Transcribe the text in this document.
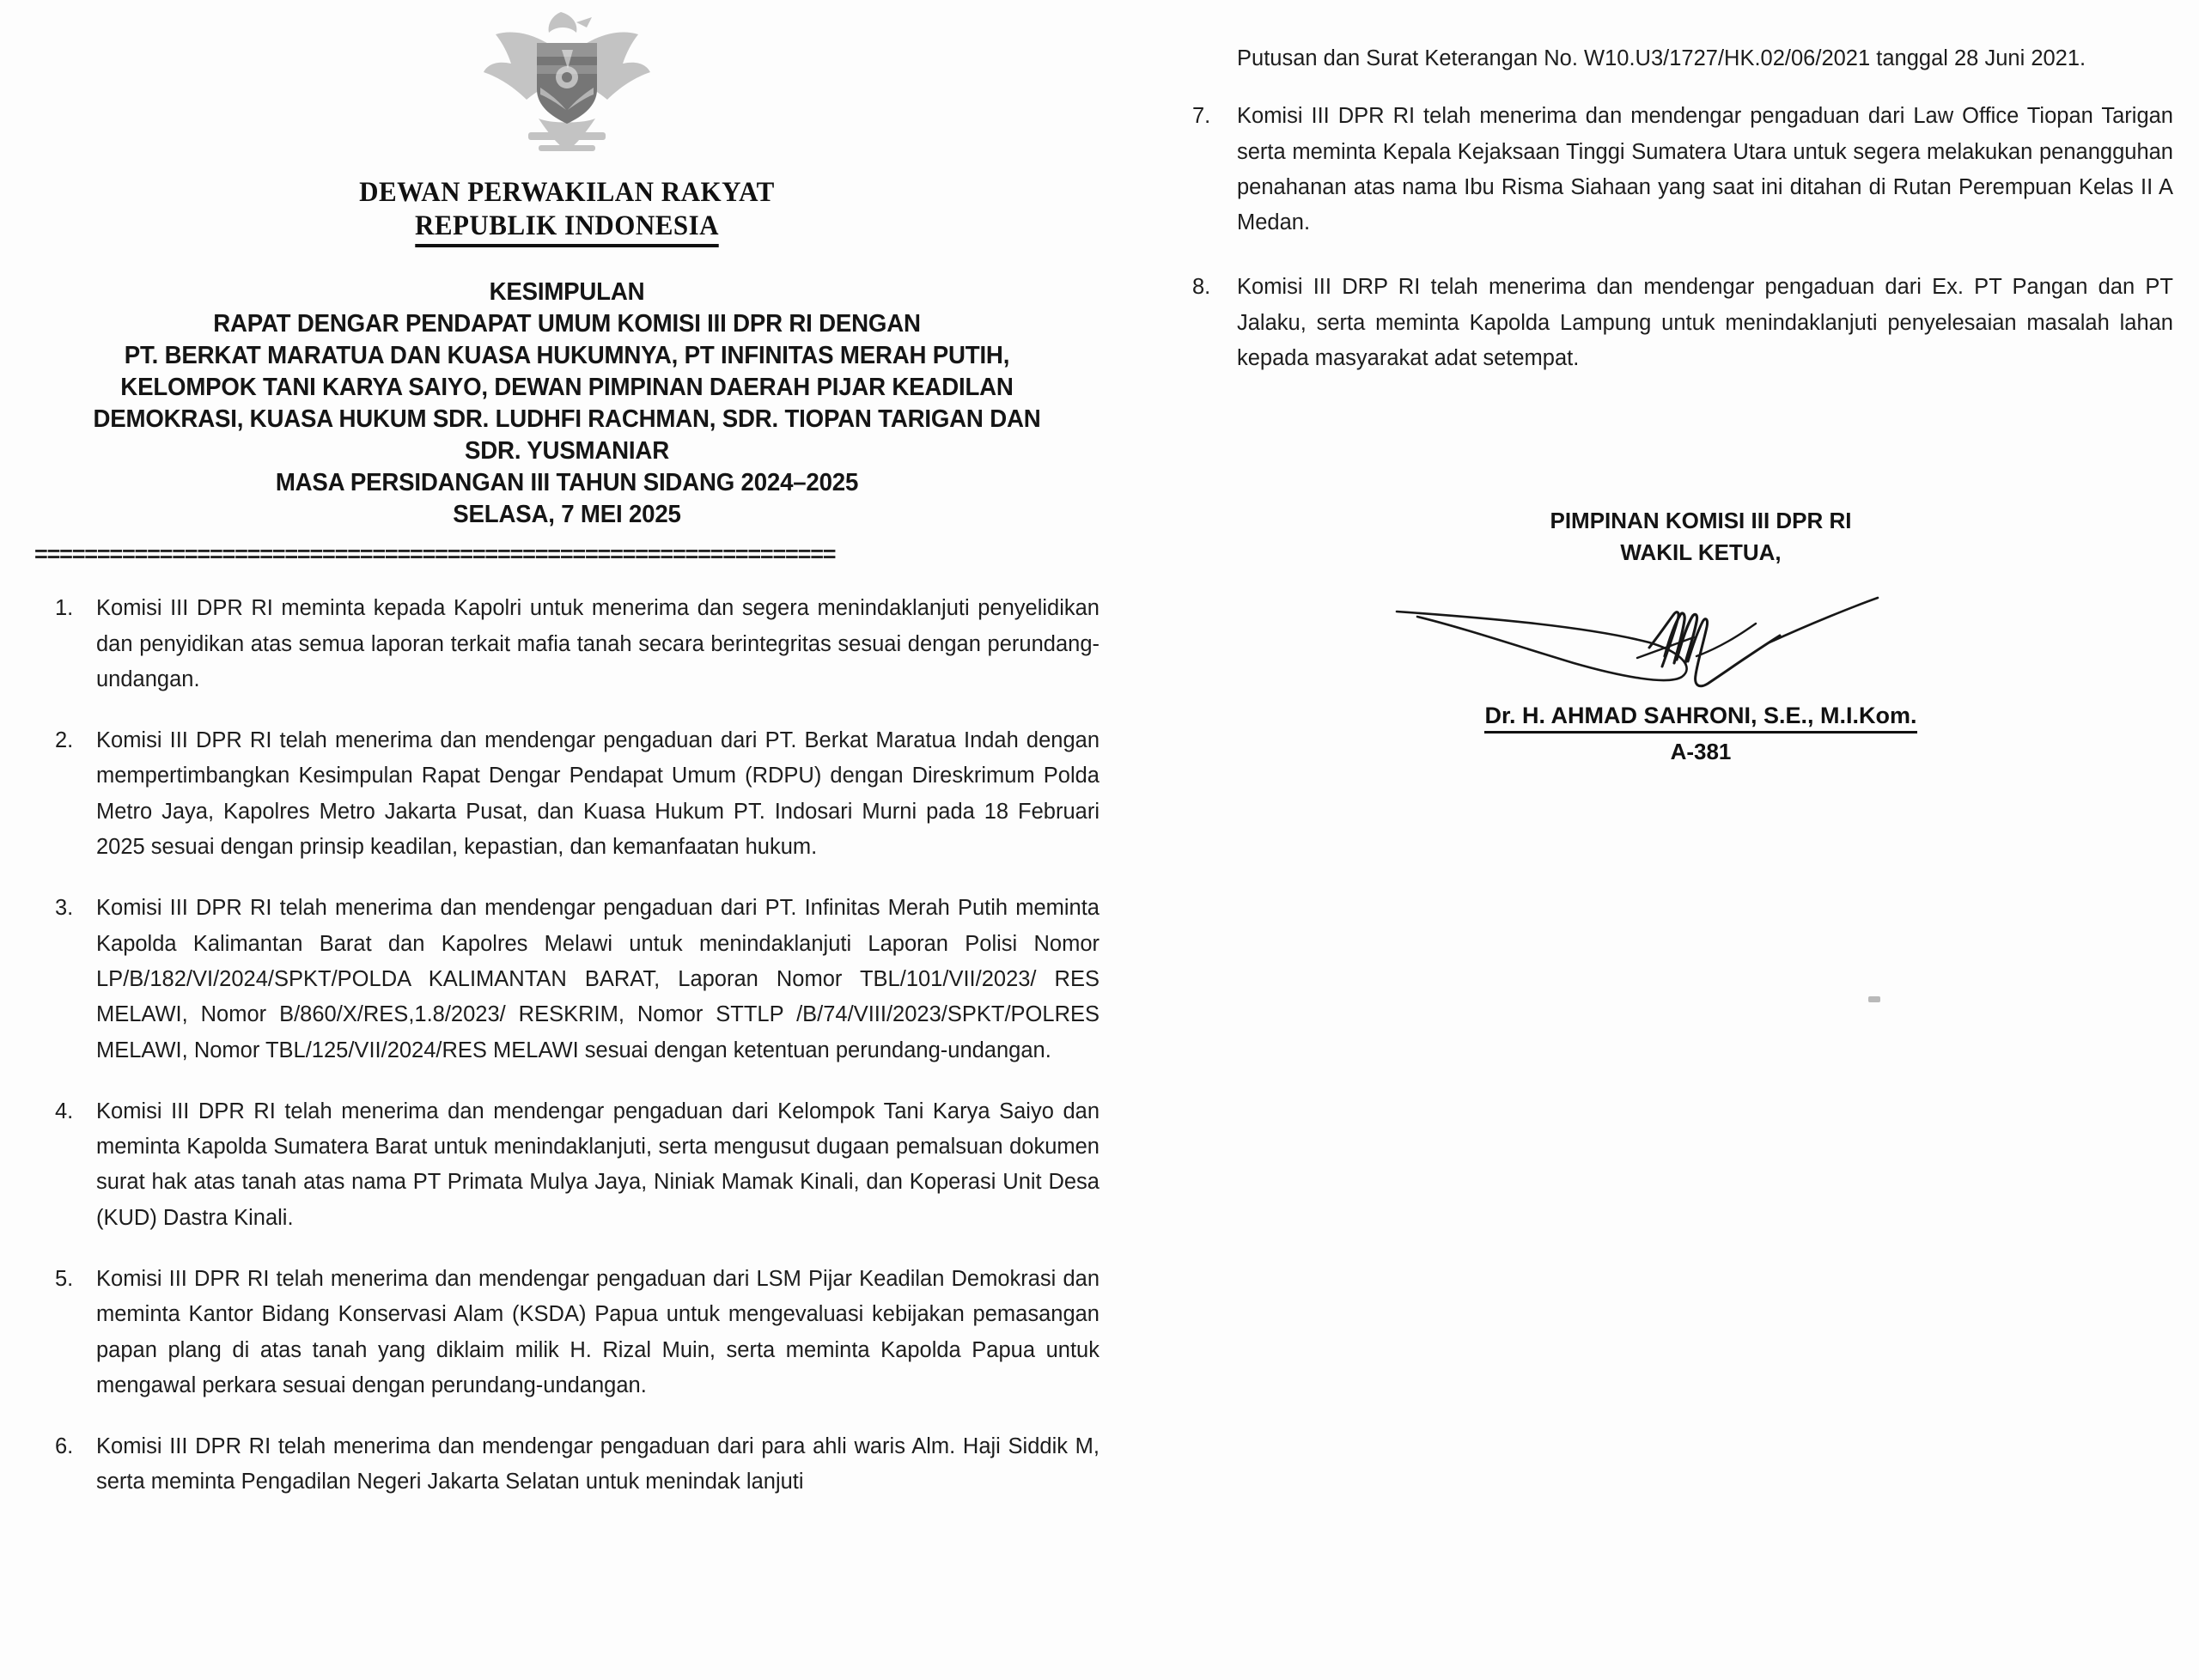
DEWAN PERWAKILAN RAKYAT
REPUBLIK INDONESIA
KESIMPULAN
RAPAT DENGAR PENDAPAT UMUM KOMISI III DPR RI DENGAN
PT. BERKAT MARATUA DAN KUASA HUKUMNYA, PT INFINITAS MERAH PUTIH,
KELOMPOK TANI KARYA SAIYO, DEWAN PIMPINAN DAERAH PIJAR KEADILAN
DEMOKRASI, KUASA HUKUM SDR. LUDHFI RACHMAN, SDR. TIOPAN TARIGAN DAN
SDR. YUSMANIAR
MASA PERSIDANGAN III TAHUN SIDANG 2024–2025
SELASA, 7 MEI 2025
================================================================
1.	Komisi III DPR RI meminta kepada Kapolri untuk menerima dan segera menindaklanjuti penyelidikan dan penyidikan atas semua laporan terkait mafia tanah secara berintegritas sesuai dengan perundang-undangan.
2.	Komisi III DPR RI telah menerima dan mendengar pengaduan dari PT. Berkat Maratua Indah dengan mempertimbangkan Kesimpulan Rapat Dengar Pendapat Umum (RDPU) dengan Direskrimum Polda Metro Jaya, Kapolres Metro Jakarta Pusat, dan Kuasa Hukum PT. Indosari Murni pada 18 Februari 2025 sesuai dengan prinsip keadilan, kepastian, dan kemanfaatan hukum.
3.	Komisi III DPR RI telah menerima dan mendengar pengaduan dari PT. Infinitas Merah Putih meminta Kapolda Kalimantan Barat dan Kapolres Melawi untuk menindaklanjuti Laporan Polisi Nomor LP/B/182/VI/2024/SPKT/POLDA KALIMANTAN BARAT, Laporan Nomor TBL/101/VII/2023/ RES MELAWI, Nomor B/860/X/RES,1.8/2023/ RESKRIM, Nomor STTLP /B/74/VIII/2023/SPKT/POLRES MELAWI, Nomor TBL/125/VII/2024/RES MELAWI sesuai dengan ketentuan perundang-undangan.
4.	Komisi III DPR RI telah menerima dan mendengar pengaduan dari Kelompok Tani Karya Saiyo dan meminta Kapolda Sumatera Barat untuk menindaklanjuti, serta mengusut dugaan pemalsuan dokumen surat hak atas tanah atas nama PT Primata Mulya Jaya, Niniak Mamak Kinali, dan Koperasi Unit Desa (KUD) Dastra Kinali.
5.	Komisi III DPR RI telah menerima dan mendengar pengaduan dari LSM Pijar Keadilan Demokrasi dan meminta Kantor Bidang Konservasi Alam (KSDA) Papua untuk mengevaluasi kebijakan pemasangan papan plang di atas tanah yang diklaim milik H. Rizal Muin, serta meminta Kapolda Papua untuk mengawal perkara sesuai dengan perundang-undangan.
6.	Komisi III DPR RI telah menerima dan mendengar pengaduan dari para ahli waris Alm. Haji Siddik M, serta meminta Pengadilan Negeri Jakarta Selatan untuk menindak lanjuti
Putusan dan Surat Keterangan No. W10.U3/1727/HK.02/06/2021 tanggal 28 Juni 2021.
7.	Komisi III DPR RI telah menerima dan mendengar pengaduan dari Law Office Tiopan Tarigan serta meminta Kepala Kejaksaan Tinggi Sumatera Utara untuk segera melakukan penangguhan penahanan atas nama Ibu Risma Siahaan yang saat ini ditahan di Rutan Perempuan Kelas II A Medan.
8.	Komisi III DRP RI telah menerima dan mendengar pengaduan dari Ex. PT Pangan dan PT Jalaku, serta meminta Kapolda Lampung untuk menindaklanjuti penyelesaian masalah lahan kepada masyarakat adat setempat.
PIMPINAN KOMISI III DPR RI
WAKIL KETUA,
Dr. H. AHMAD SAHRONI, S.E., M.I.Kom.
A-381
